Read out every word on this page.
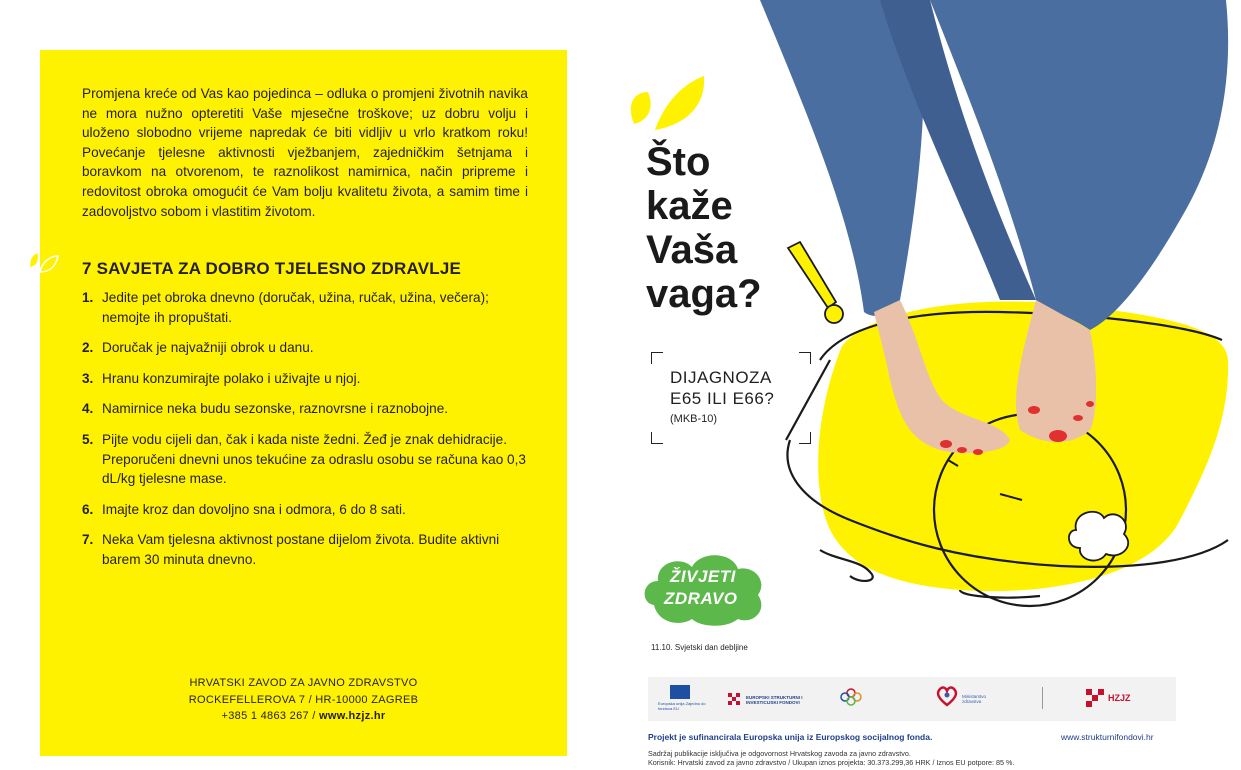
Promjena kreće od Vas kao pojedinca – odluka o promjeni životnih navika ne mora nužno opteretiti Vaše mjesečne troškove; uz dobru volju i uloženo slobodno vrijeme napredak će biti vidljiv u vrlo kratkom roku! Povećanje tjelesne aktivnosti vježbanjem, zajedničkim šetnjama i boravkom na otvorenom, te raznolikost namirnica, način pripreme i redovitost obroka omogućit će Vam bolju kvalitetu života, a samim time i zadovoljstvo sobom i vlastitim životom.

7 SAVJETA ZA DOBRO TJELESNO ZDRAVLJE
1. Jedite pet obroka dnevno (doručak, užina, ručak, užina, večera); nemojte ih propuštati.
2. Doručak je najvažniji obrok u danu.
3. Hranu konzumirajte polako i uživajte u njoj.
4. Namirnice neka budu sezonske, raznovrsne i raznobojne.
5. Pijte vodu cijeli dan, čak i kada niste žedni. Žeđ je znak dehidracije. Preporučeni dnevni unos tekućine za odraslu osobu se računa kao 0,3 dL/kg tjelesne mase.
6. Imajte kroz dan dovoljno sna i odmora, 6 do 8 sati.
7. Neka Vam tjelesna aktivnost postane dijelom života. Budite aktivni barem 30 minuta dnevno.
HRVATSKI ZAVOD ZA JAVNO ZDRAVSTVO
ROCKEFELLEROVA 7 / HR-10000 ZAGREB
+385 1 4863 267 / www.hzjz.hr
Što
kaže
Vaša
vaga?
DIJAGNOZA
E65 ILI E66?
(MKB-10)
ŽIVJETI
ZDRAVO
11.10. Svjetski dan debljine
Europska unija Zajedno do fondova EU
EUROPSKI STRUKTURNI I INVESTICIJSKI FONDOVI
Ministarstvo zdravstva	HZJZ
Projekt je sufinancirala Europska unija iz Europskog socijalnog fonda.	www.strukturnifondovi.hr
Sadržaj publikacije isključiva je odgovornost Hrvatskog zavoda za javno zdravstvo.
Korisnik: Hrvatski zavod za javno zdravstvo / Ukupan iznos projekta: 30.373.299,36 HRK / Iznos EU potpore: 85 %.
